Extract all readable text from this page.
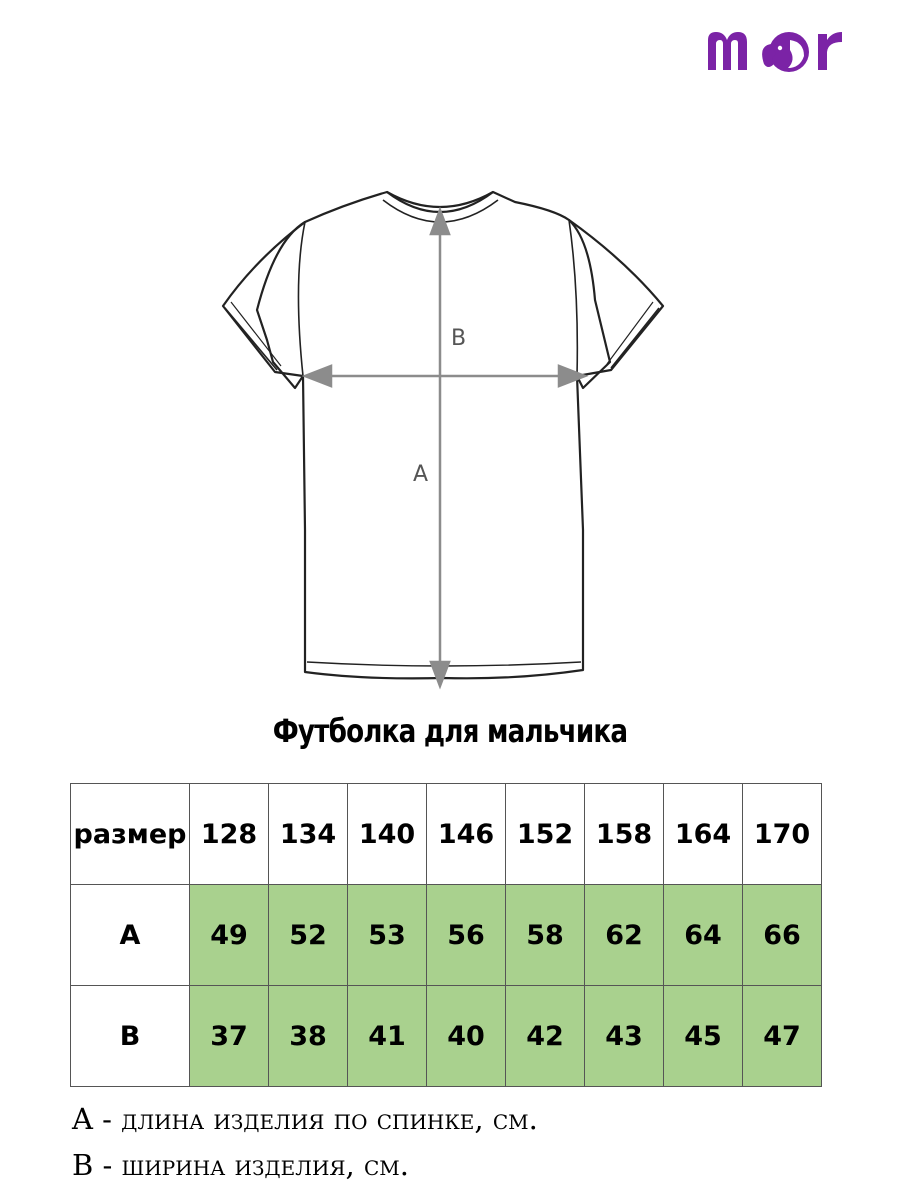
B
A
Футболка для мальчика
размер	128	134	140	146	152	158	164	170
A	49	52	53	56	58	62	64	66
B	37	38	41	40	42	43	45	47
A - длина изделия по спинке, см.
B - ширина изделия, см.
